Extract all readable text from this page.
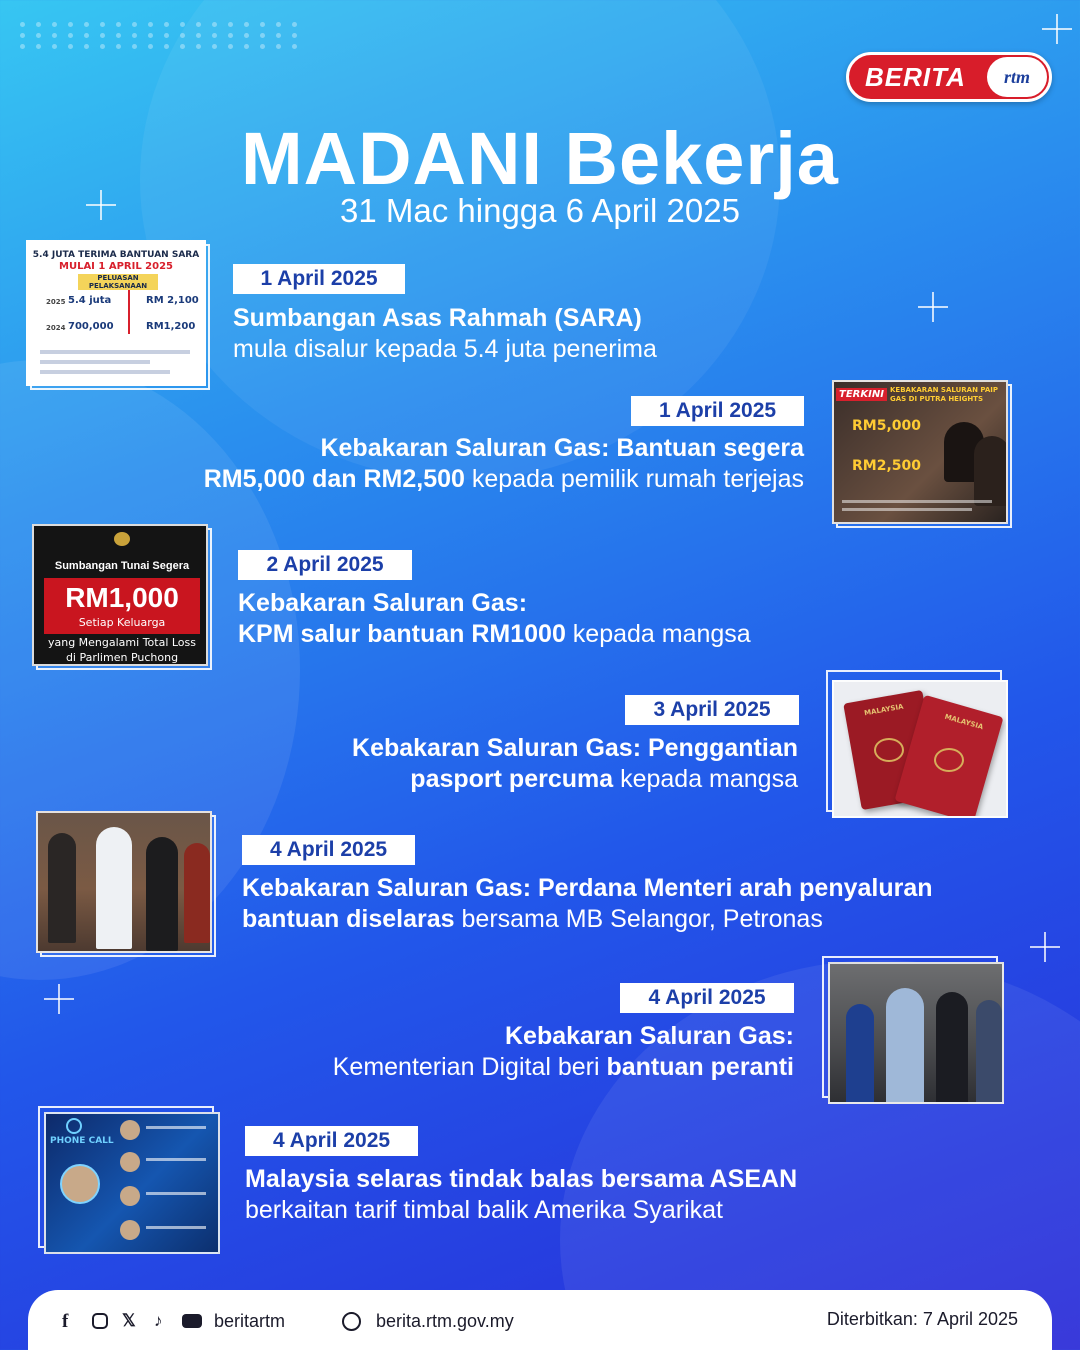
BERITA	rtm
MADANI Bekerja
31 Mac hingga 6 April 2025
5.4 JUTA TERIMA BANTUAN SARA
MULAI 1 APRIL 2025
PELUASAN PELAKSANAAN
2025 5.4 juta	RM 2,100
2024 700,000	RM1,200
1 April 2025
Sumbangan Asas Rahmah (SARA)
mula disalur kepada 5.4 juta penerima
TERKINI KEBAKARAN SALURAN PAIP GAS DI PUTRA HEIGHTS
RM5,000
RM2,500
1 April 2025
Kebakaran Saluran Gas: Bantuan segera
RM5,000 dan RM2,500 kepada pemilik rumah terjejas
Sumbangan Tunai Segera
RM1,000
Setiap Keluarga
yang Mengalami Total Loss
di Parlimen Puchong
2 April 2025
Kebakaran Saluran Gas:
KPM salur bantuan RM1000 kepada mangsa
MALAYSIA
MALAYSIA
3 April 2025
Kebakaran Saluran Gas: Penggantian
pasport percuma kepada mangsa
4 April 2025
Kebakaran Saluran Gas: Perdana Menteri arah penyaluran
bantuan diselaras bersama MB Selangor, Petronas
4 April 2025
Kebakaran Saluran Gas:
Kementerian Digital beri bantuan peranti
PHONE CALL	4 April 2025
Malaysia selaras tindak balas bersama ASEAN
berkaitan tarif timbal balik Amerika Syarikat
f	𝕏 ♪	beritartm	berita.rtm.gov.my	Diterbitkan: 7 April 2025
